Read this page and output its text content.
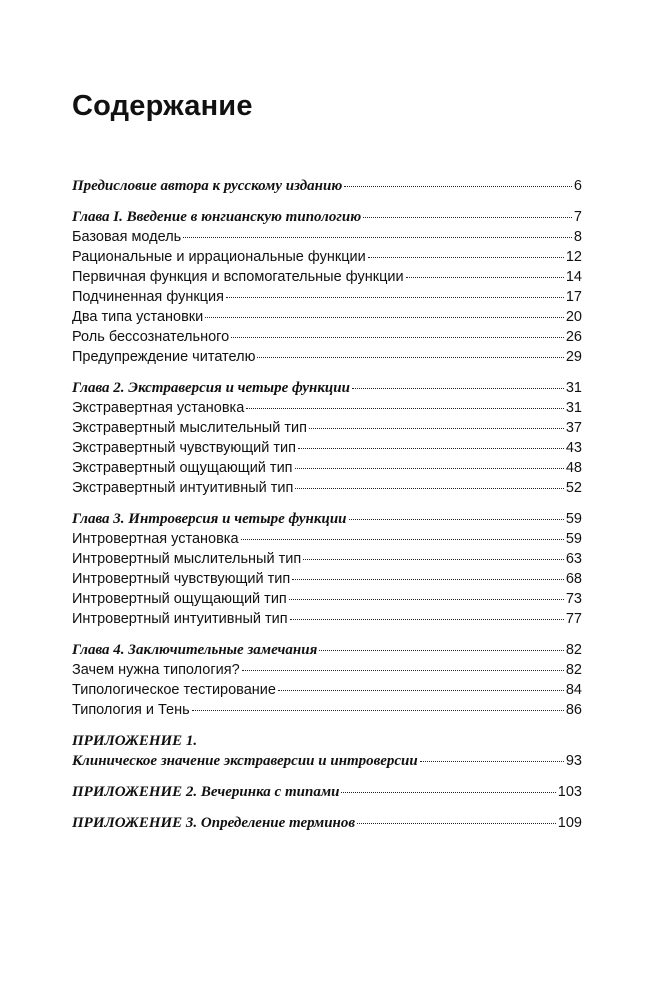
Содержание
Предисловие автора к русскому изданию	6
Глава I. Введение в юнгианскую типологию	7
Базовая модель	8
Рациональные и иррациональные функции	12
Первичная функция и вспомогательные функции	14
Подчиненная функция	17
Два типа установки	20
Роль бессознательного	26
Предупреждение читателю	29
Глава 2. Экстраверсия и четыре функции	31
Экстравертная установка	31
Экстравертный мыслительный тип	37
Экстравертный чувствующий тип	43
Экстравертный ощущающий тип	48
Экстравертный интуитивный тип	52
Глава 3. Интроверсия и четыре функции	59
Интровертная установка	59
Интровертный мыслительный тип	63
Интровертный чувствующий тип	68
Интровертный ощущающий тип	73
Интровертный интуитивный тип	77
Глава 4. Заключительные замечания	82
Зачем нужна типология?	82
Типологическое тестирование	84
Типология и Тень	86
ПРИЛОЖЕНИЕ 1.
Клиническое значение экстраверсии и интроверсии	93
ПРИЛОЖЕНИЕ 2. Вечеринка с типами	103
ПРИЛОЖЕНИЕ 3. Определение терминов	109
